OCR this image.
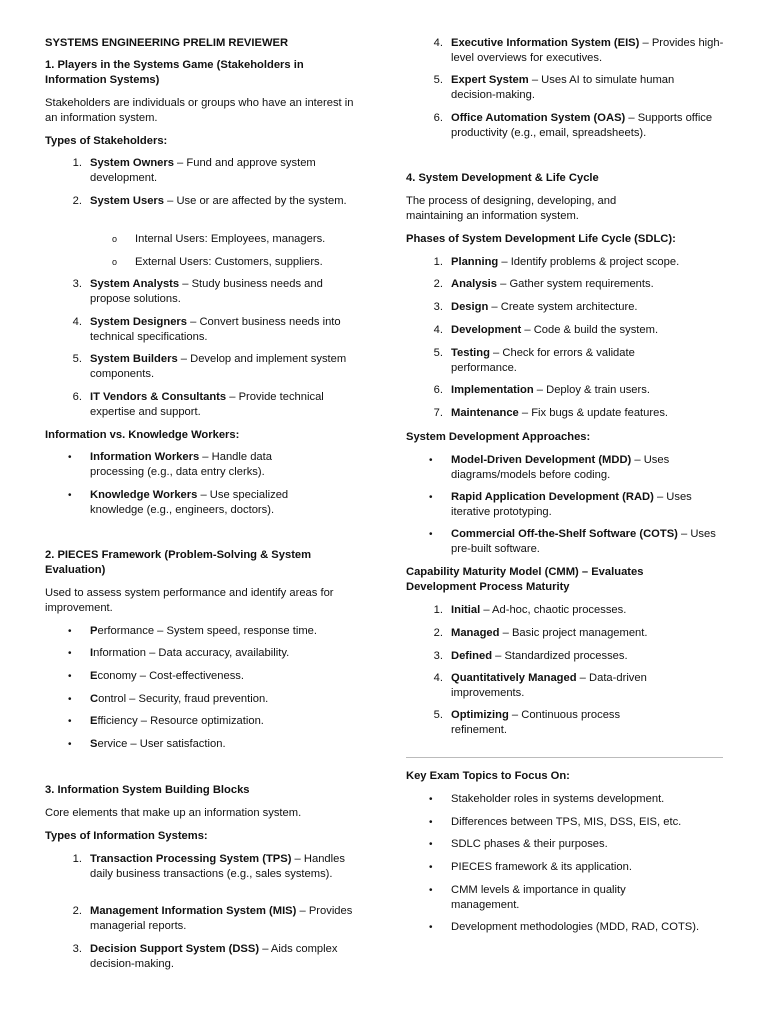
SYSTEMS ENGINEERING PRELIM REVIEWER
1. Players in the Systems Game (Stakeholders in Information Systems)
Stakeholders are individuals or groups who have an interest in an information system.
Types of Stakeholders:
1. System Owners – Fund and approve system development.
2. System Users – Use or are affected by the system.
o	Internal Users: Employees, managers.
o	External Users: Customers, suppliers.
3. System Analysts – Study business needs and propose solutions.
4. System Designers – Convert business needs into technical specifications.
5. System Builders – Develop and implement system components.
6. IT Vendors & Consultants – Provide technical expertise and support.
Information vs. Knowledge Workers:
•	Information Workers – Handle data processing (e.g., data entry clerks).
•	Knowledge Workers – Use specialized knowledge (e.g., engineers, doctors).
2. PIECES Framework (Problem-Solving & System Evaluation)
Used to assess system performance and identify areas for improvement.
•	Performance – System speed, response time.
•	Information – Data accuracy, availability.
•	Economy – Cost-effectiveness.
•	Control – Security, fraud prevention.
•	Efficiency – Resource optimization.
•	Service – User satisfaction.
3. Information System Building Blocks
Core elements that make up an information system.
Types of Information Systems:
1. Transaction Processing System (TPS) – Handles daily business transactions (e.g., sales systems).
2. Management Information System (MIS) – Provides managerial reports.
3. Decision Support System (DSS) – Aids complex decision-making.
4. Executive Information System (EIS) – Provides high-level overviews for executives.
5. Expert System – Uses AI to simulate human decision-making.
6. Office Automation System (OAS) – Supports office productivity (e.g., email, spreadsheets).
4. System Development & Life Cycle
The process of designing, developing, and maintaining an information system.
Phases of System Development Life Cycle (SDLC):
1. Planning – Identify problems & project scope.
2. Analysis – Gather system requirements.
3. Design – Create system architecture.
4. Development – Code & build the system.
5. Testing – Check for errors & validate performance.
6. Implementation – Deploy & train users.
7. Maintenance – Fix bugs & update features.
System Development Approaches:
•	Model-Driven Development (MDD) – Uses diagrams/models before coding.
•	Rapid Application Development (RAD) – Uses iterative prototyping.
•	Commercial Off-the-Shelf Software (COTS) – Uses pre-built software.
Capability Maturity Model (CMM) – Evaluates Development Process Maturity
1. Initial – Ad-hoc, chaotic processes.
2. Managed – Basic project management.
3. Defined – Standardized processes.
4. Quantitatively Managed – Data-driven improvements.
5. Optimizing – Continuous process refinement.
Key Exam Topics to Focus On:
•	Stakeholder roles in systems development.
•	Differences between TPS, MIS, DSS, EIS, etc.
•	SDLC phases & their purposes.
•	PIECES framework & its application.
•	CMM levels & importance in quality management.
•	Development methodologies (MDD, RAD, COTS).
